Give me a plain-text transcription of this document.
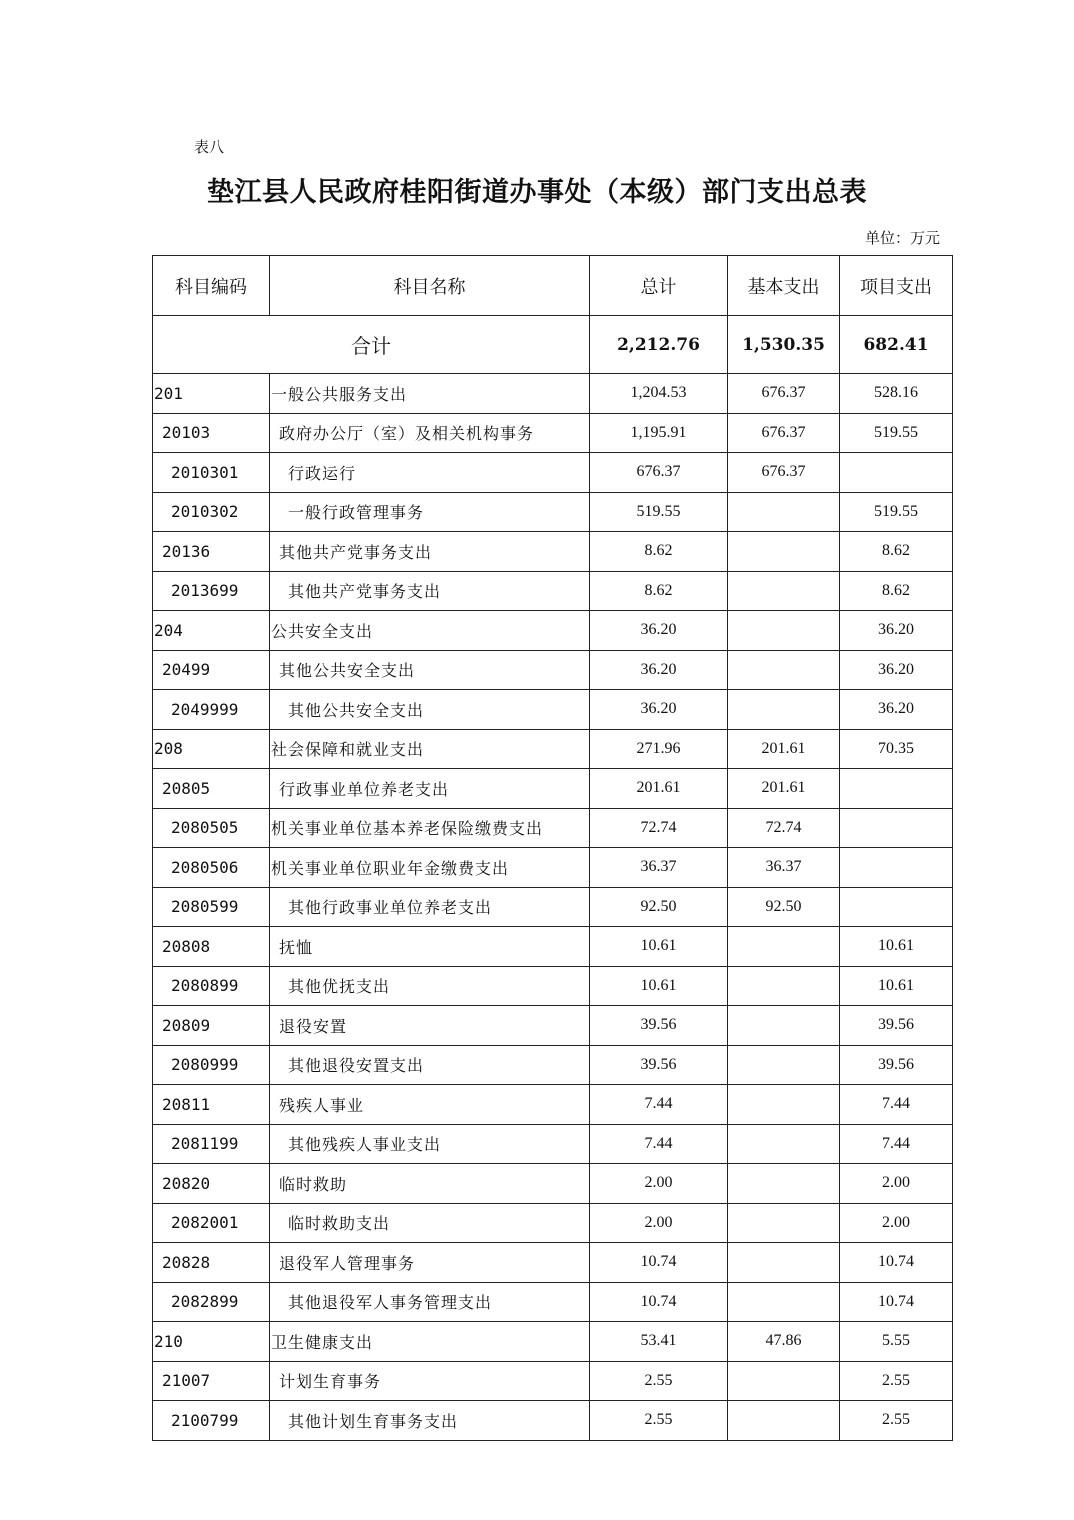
表八
垫江县人民政府桂阳街道办事处（本级）部门支出总表
单位：万元
科目编码	科目名称	总计	基本支出	项目支出
合计		2,212.76	1,530.35	682.41
201	一般公共服务支出	1,204.53	676.37	528.16
20103	政府办公厅（室）及相关机构事务	1,195.91	676.37	519.55
2010301	行政运行	676.37	676.37	
2010302	一般行政管理事务	519.55		519.55
20136	其他共产党事务支出	8.62		8.62
2013699	其他共产党事务支出	8.62		8.62
204	公共安全支出	36.20		36.20
20499	其他公共安全支出	36.20		36.20
2049999	其他公共安全支出	36.20		36.20
208	社会保障和就业支出	271.96	201.61	70.35
20805	行政事业单位养老支出	201.61	201.61	
2080505	机关事业单位基本养老保险缴费支出	72.74	72.74	
2080506	机关事业单位职业年金缴费支出	36.37	36.37	
2080599	其他行政事业单位养老支出	92.50	92.50	
20808	抚恤	10.61		10.61
2080899	其他优抚支出	10.61		10.61
20809	退役安置	39.56		39.56
2080999	其他退役安置支出	39.56		39.56
20811	残疾人事业	7.44		7.44
2081199	其他残疾人事业支出	7.44		7.44
20820	临时救助	2.00		2.00
2082001	临时救助支出	2.00		2.00
20828	退役军人管理事务	10.74		10.74
2082899	其他退役军人事务管理支出	10.74		10.74
210	卫生健康支出	53.41	47.86	5.55
21007	计划生育事务	2.55		2.55
2100799	其他计划生育事务支出	2.55		2.55
